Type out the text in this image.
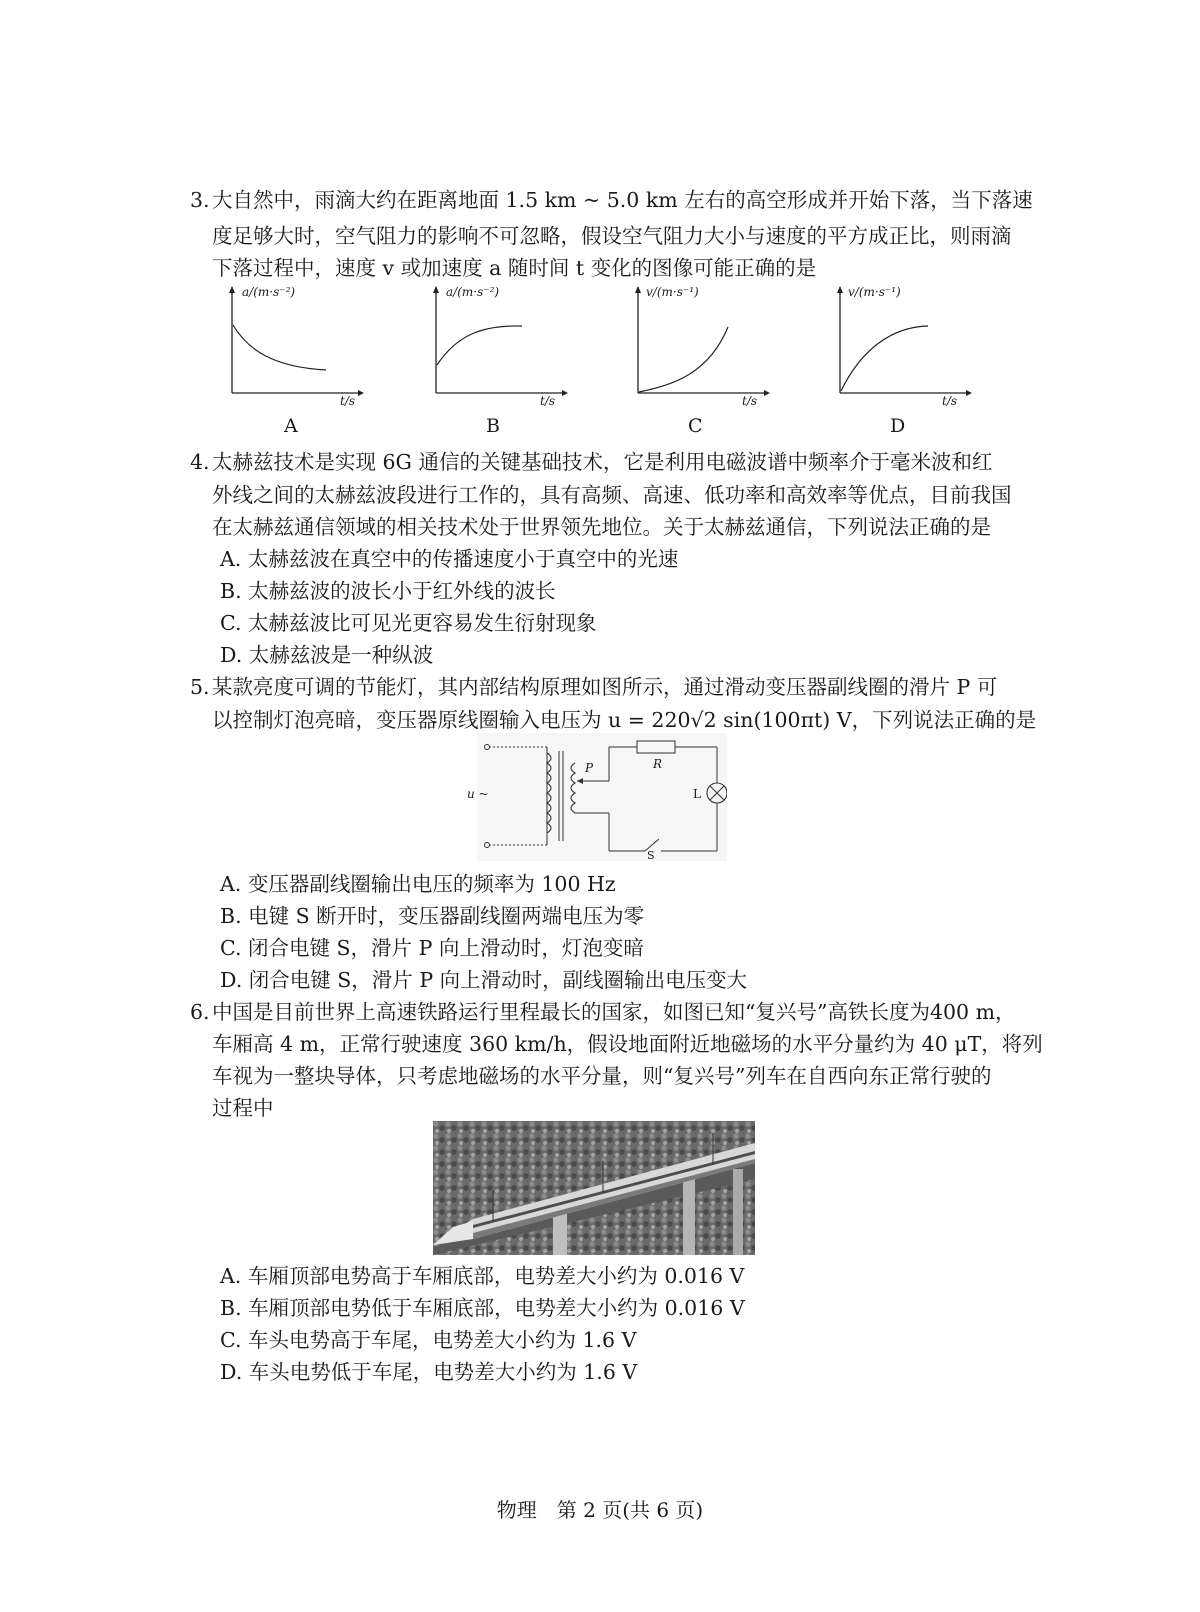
3. 大自然中，雨滴大约在距离地面 1.5 km ~ 5.0 km 左右的高空形成并开始下落，当下落速
度足够大时，空气阻力的影响不可忽略，假设空气阻力大小与速度的平方成正比，则雨滴
下落过程中，速度 v 或加速度 a 随时间 t 变化的图像可能正确的是
a/(m·s⁻²)
t/s
A
a/(m·s⁻²)
t/s
B
v/(m·s⁻¹)
t/s
C
v/(m·s⁻¹)
t/s
D
4. 太赫兹技术是实现 6G 通信的关键基础技术，它是利用电磁波谱中频率介于毫米波和红
外线之间的太赫兹波段进行工作的，具有高频、高速、低功率和高效率等优点，目前我国
在太赫兹通信领域的相关技术处于世界领先地位。关于太赫兹通信，下列说法正确的是
A. 太赫兹波在真空中的传播速度小于真空中的光速
B. 太赫兹波的波长小于红外线的波长
C. 太赫兹波比可见光更容易发生衍射现象
D. 太赫兹波是一种纵波
5. 某款亮度可调的节能灯，其内部结构原理如图所示，通过滑动变压器副线圈的滑片 P 可
以控制灯泡亮暗，变压器原线圈输入电压为 u = 220√2 sin(100πt) V，下列说法正确的是
u ~
P	R
L
S
A. 变压器副线圈输出电压的频率为 100 Hz
B. 电键 S 断开时，变压器副线圈两端电压为零
C. 闭合电键 S，滑片 P 向上滑动时，灯泡变暗
D. 闭合电键 S，滑片 P 向上滑动时，副线圈输出电压变大
6. 中国是目前世界上高速铁路运行里程最长的国家，如图已知“复兴号”高铁长度为400 m，
车厢高 4 m，正常行驶速度 360 km/h，假设地面附近地磁场的水平分量约为 40 μT，将列
车视为一整块导体，只考虑地磁场的水平分量，则“复兴号”列车在自西向东正常行驶的
过程中
A. 车厢顶部电势高于车厢底部，电势差大小约为 0.016 V
B. 车厢顶部电势低于车厢底部，电势差大小约为 0.016 V
C. 车头电势高于车尾，电势差大小约为 1.6 V
D. 车头电势低于车尾，电势差大小约为 1.6 V
物理　第 2 页(共 6 页)
